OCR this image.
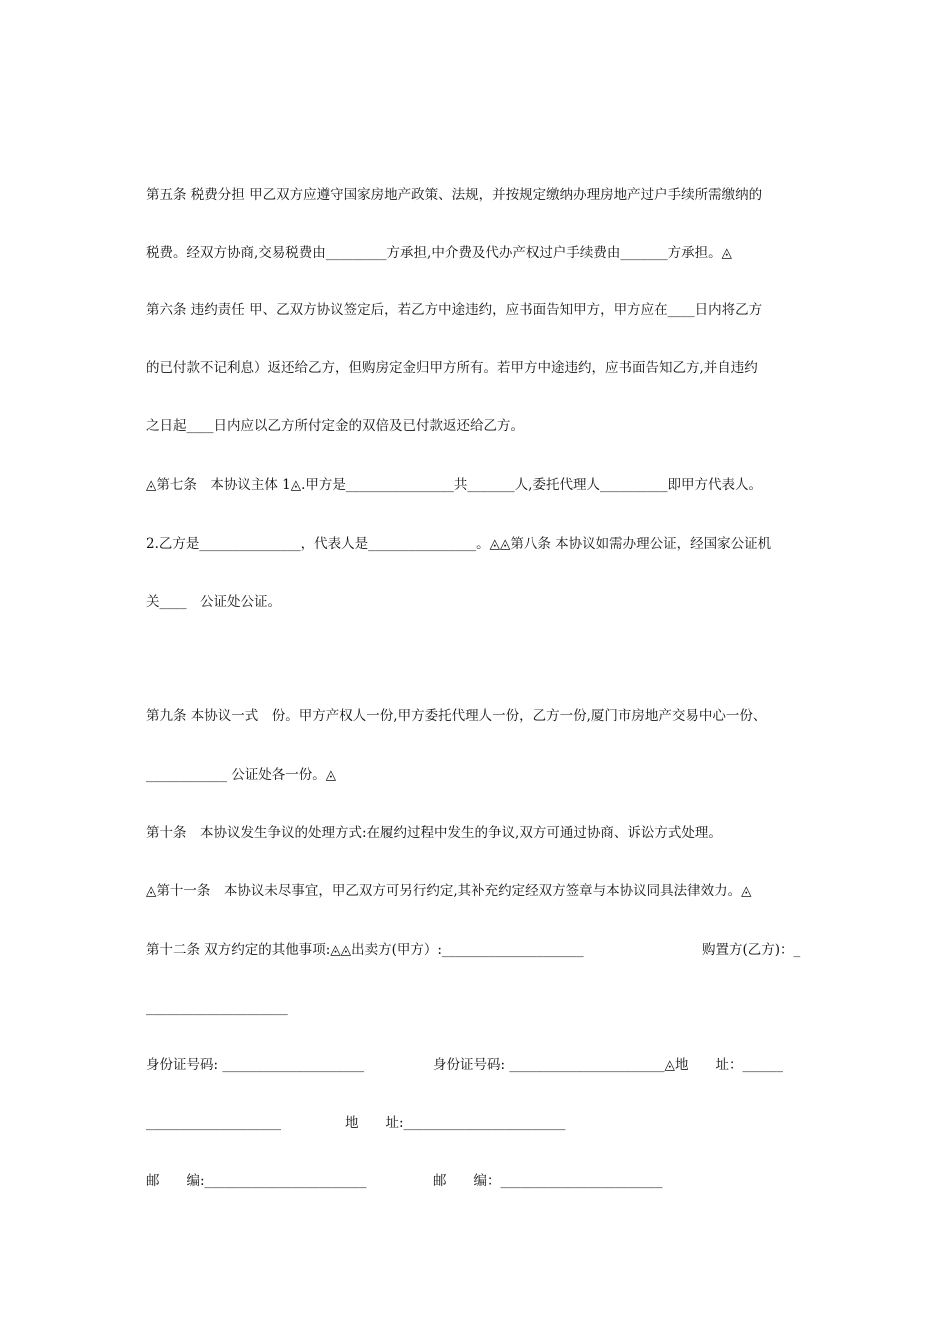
第五条 税费分担 甲乙双方应遵守国家房地产政策、法规，并按规定缴纳办理房地产过户手续所需缴纳的
税费。经双方协商,交易税费由_________方承担,中介费及代办产权过户手续费由_______方承担。◬
第六条 违约责任 甲、乙双方协议签定后，若乙方中途违约，应书面告知甲方，甲方应在____日内将乙方
的已付款不记利息）返还给乙方，但购房定金归甲方所有。若甲方中途违约，应书面告知乙方,并自违约
之日起____日内应以乙方所付定金的双倍及已付款返还给乙方。
◬第七条　本协议主体 1◬.甲方是________________共_______人,委托代理人__________即甲方代表人。
2.乙方是_______________，代表人是________________。◬◬第八条 本协议如需办理公证，经国家公证机
关____　公证处公证。
第九条 本协议一式　份。甲方产权人一份,甲方委托代理人一份，乙方一份,厦门市房地产交易中心一份、
____________ 公证处各一份。◬
第十条　本协议发生争议的处理方式:在履约过程中发生的争议,双方可通过协商、诉讼方式处理。
◬第十一条　本协议未尽事宜，甲乙双方可另行约定,其补充约定经双方签章与本协议同具法律效力。◬
第十二条 双方约定的其他事项:◬◬出卖方(甲方）:_____________________	购置方(乙方)：_
_____________________
身份证号码: _____________________	身份证号码: _______________________◬地　　址：______
____________________	地　　址:________________________
邮　　编:________________________	邮　　编：________________________
